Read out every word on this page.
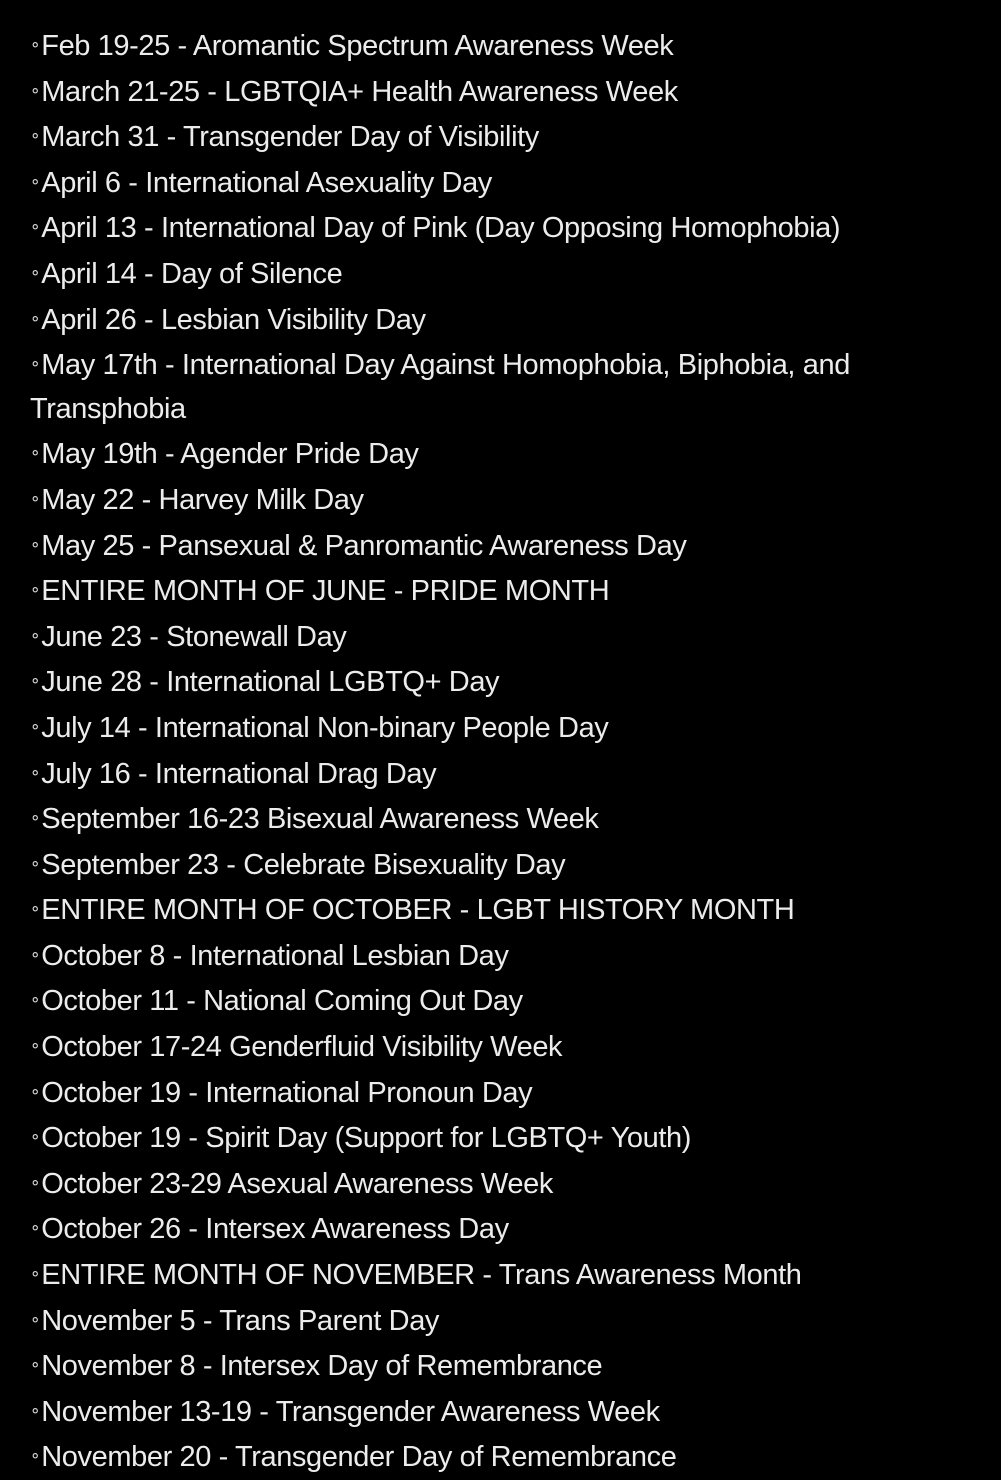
∘Feb 19-25 - Aromantic Spectrum Awareness Week
∘March 21-25 - LGBTQIA+ Health Awareness Week
∘March 31 - Transgender Day of Visibility
∘April 6 - International Asexuality Day
∘April 13 - International Day of Pink (Day Opposing Homophobia)
∘April 14 - Day of Silence
∘April 26 - Lesbian Visibility Day
∘May 17th - International Day Against Homophobia, Biphobia, and Transphobia
∘May 19th - Agender Pride Day
∘May 22 - Harvey Milk Day
∘May 25 - Pansexual & Panromantic Awareness Day
∘ENTIRE MONTH OF JUNE - PRIDE MONTH
∘June 23 - Stonewall Day
∘June 28 - International LGBTQ+ Day
∘July 14 - International Non-binary People Day
∘July 16 - International Drag Day
∘September 16-23 Bisexual Awareness Week
∘September 23 - Celebrate Bisexuality Day
∘ENTIRE MONTH OF OCTOBER - LGBT HISTORY MONTH
∘October 8 - International Lesbian Day
∘October 11 - National Coming Out Day
∘October 17-24 Genderfluid Visibility Week
∘October 19 - International Pronoun Day
∘October 19 - Spirit Day (Support for LGBTQ+ Youth)
∘October 23-29 Asexual Awareness Week
∘October 26 - Intersex Awareness Day
∘ENTIRE MONTH OF NOVEMBER - Trans Awareness Month
∘November 5 - Trans Parent Day
∘November 8 - Intersex Day of Remembrance
∘November 13-19 - Transgender Awareness Week
∘November 20 - Transgender Day of Remembrance
